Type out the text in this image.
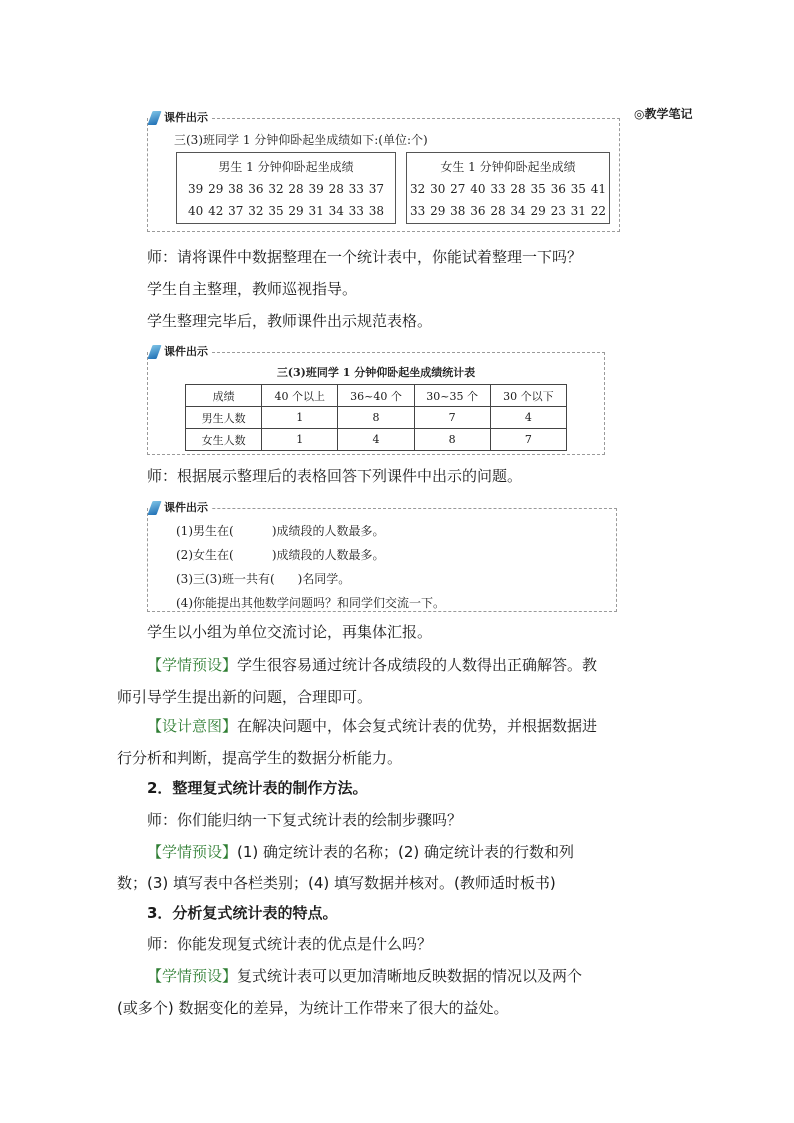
◎教学笔记
课件出示
三(3)班同学 1 分钟仰卧起坐成绩如下:(单位:个)
男生 1 分钟仰卧起坐成绩
39 29 38 36 32 28 39 28 33 37
40 42 37 32 35 29 31 34 33 38
女生 1 分钟仰卧起坐成绩
32 30 27 40 33 28 35 36 35 41
33 29 38 36 28 34 29 23 31 22
师：请将课件中数据整理在一个统计表中，你能试着整理一下吗？
学生自主整理，教师巡视指导。
学生整理完毕后，教师课件出示规范表格。
课件出示
三(3)班同学 1 分钟仰卧起坐成绩统计表
成绩	40 个以上	36~40 个	30~35 个	30 个以下
男生人数	1	8	7	4
女生人数	1	4	8	7
师：根据展示整理后的表格回答下列课件中出示的问题。
课件出示
(1)男生在(          )成绩段的人数最多。
(2)女生在(          )成绩段的人数最多。
(3)三(3)班一共有(      )名同学。
(4)你能提出其他数学问题吗？和同学们交流一下。
学生以小组为单位交流讨论，再集体汇报。
【学情预设】学生很容易通过统计各成绩段的人数得出正确解答。教
师引导学生提出新的问题，合理即可。
【设计意图】在解决问题中，体会复式统计表的优势，并根据数据进
行分析和判断，提高学生的数据分析能力。
2．整理复式统计表的制作方法。
师：你们能归纳一下复式统计表的绘制步骤吗？
【学情预设】(1) 确定统计表的名称；(2) 确定统计表的行数和列
数；(3) 填写表中各栏类别；(4) 填写数据并核对。(教师适时板书)
3．分析复式统计表的特点。
师：你能发现复式统计表的优点是什么吗？
【学情预设】复式统计表可以更加清晰地反映数据的情况以及两个
(或多个) 数据变化的差异，为统计工作带来了很大的益处。
